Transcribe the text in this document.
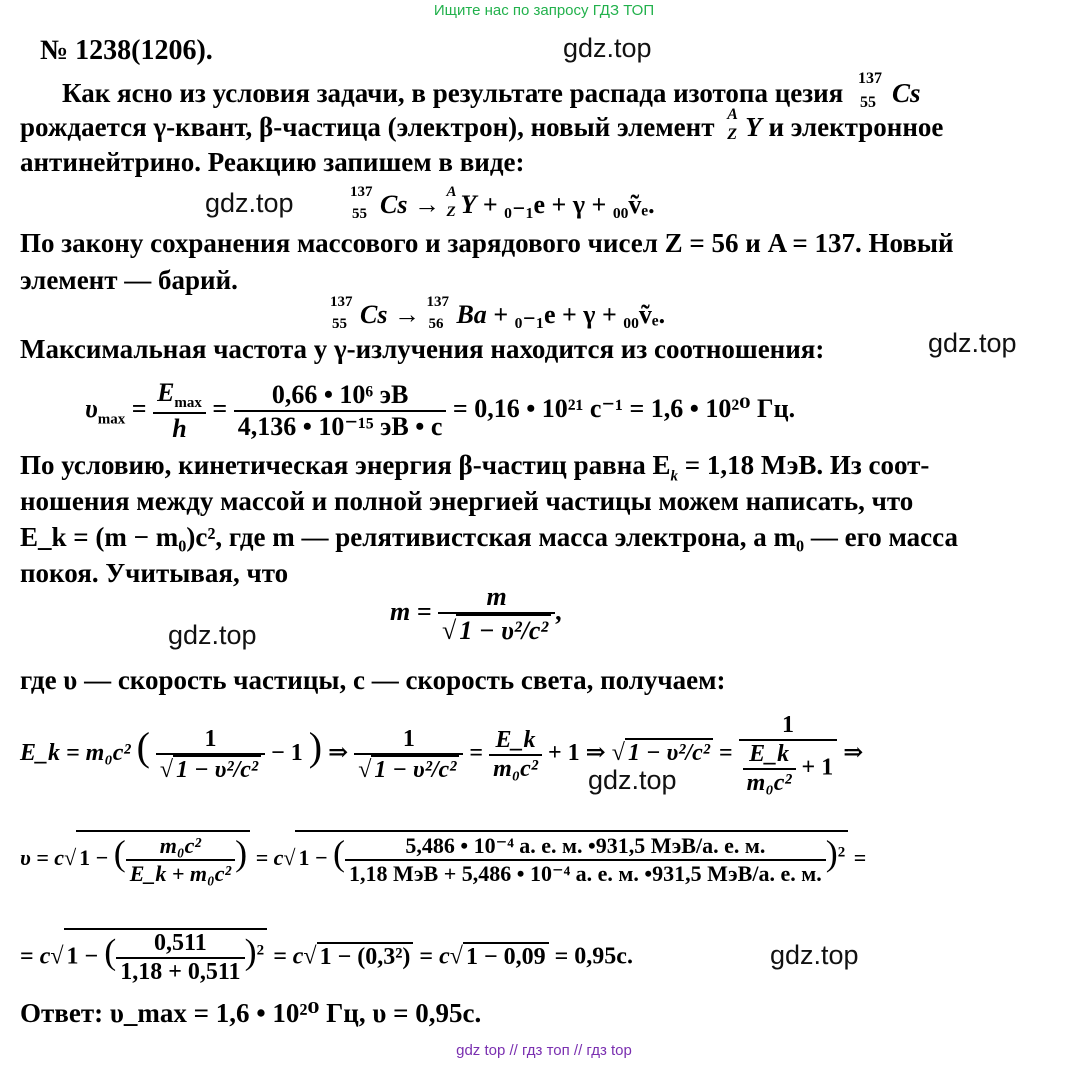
Ищите нас по запросу ГДЗ ТОП
№ 1238(1206).	gdz.top
Как ясно из условия задачи, в результате распада изотопа цезия 137
55 Cs
рождается γ-квант, β-частица (электрон), новый элемент A
Z Y и электронное
антинейтрино. Реакцию запишем в виде:
gdz.top	137
55 Cs → A
Z Y + ₀₋₁e + γ + ₀₀ṽₑ.
По закону сохранения массового и зарядового чисел Z = 56 и A = 137. Новый
элемент — барий.
137
55 Cs → 137
56 Ba + ₀₋₁e + γ + ₀₀ṽₑ.
Максимальная частота у γ-излучения находится из соотношения:	gdz.top
$\upsilon_{max} = \frac{E_{max}}{h} = \frac{\text{0,66 • 10⁶ эВ}}{\text{4,136 • 10⁻¹⁵ эВ • с}} = 0,16$ • 10²¹ с⁻¹ = 1,6 • 10²⁰ Гц.
По условию, кинетическая энергия β-частиц равна $E_k = 1,18$ МэВ. Из соот-
ношения между массой и полной энергией частицы можем написать, что
E_k = (m − m₀)c², где m — релятивистская масса электрона, а m₀ — его масса
покоя. Учитывая, что
$m = \frac{m}{\text{√ 1 − υ²/c²}}$ ,
gdz.top
где υ — скорость частицы, c — скорость света, получаем:
E_k = m₀c² ( $\frac{1}{\text{√ 1 − υ²/c²}} - 1$ ) ⇒ $\frac{1}{\text{√ 1 − υ²/c²}} = \frac{E\_k}{\text{m₀c²}} + 1$ ⇒ √ $1 - \upsilon^2/c^2 = \frac{1}{\frac{E\_k}{\text{m₀c²}} + 1}$ ⇒
gdz.top
υ = c√ 1 − ( $\frac{\text{m₀c²}}{\text{E\_k + m₀c²}}$ ) = c√ 1 − ( $\frac{\text{5,486 • 10⁻⁴ а. е. м. •931,5 МэВ/а. е. м.}}{\text{1,18 МэВ + 5,486 • 10⁻⁴ а. е. м. •931,5 МэВ/а. е. м.}} )^2$ =
= c√ 1 − ( $\frac{0,511}{1,18 + 0,511} )^2 = c√$ 1 − (0,3²) = c√ 1 − 0,09 = 0,95c.	gdz.top
Ответ: υ_max = 1,6 • 10²⁰ Гц, υ = 0,95c.
gdz top // гдз топ // гдз top
